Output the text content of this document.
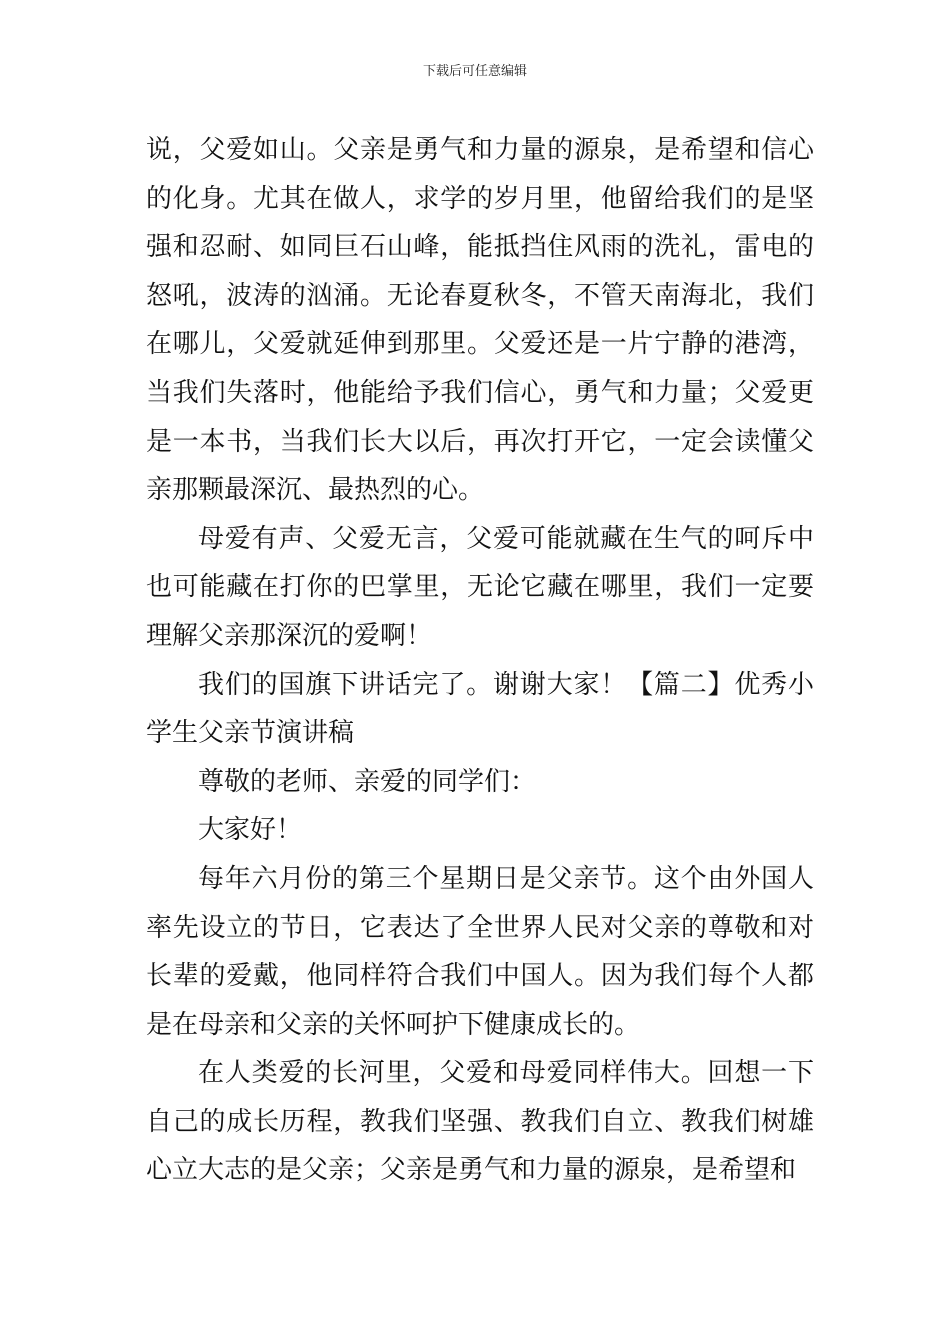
下载后可任意编辑

说，父爱如山。父亲是勇气和力量的源泉，是希望和信心的化身。尤其在做人，求学的岁月里，他留给我们的是坚强和忍耐、如同巨石山峰，能抵挡住风雨的洗礼，雷电的怒吼，波涛的汹涌。无论春夏秋冬，不管天南海北，我们在哪儿，父爱就延伸到那里。父爱还是一片宁静的港湾，当我们失落时，他能给予我们信心，勇气和力量；父爱更是一本书，当我们长大以后，再次打开它，一定会读懂父亲那颗最深沉、最热烈的心。

母爱有声、父爱无言，父爱可能就藏在生气的呵斥中也可能藏在打你的巴掌里，无论它藏在哪里，我们一定要理解父亲那深沉的爱啊！

我们的国旗下讲话完了。谢谢大家！【篇二】优秀小学生父亲节演讲稿

尊敬的老师、亲爱的同学们：

大家好！

每年六月份的第三个星期日是父亲节。这个由外国人率先设立的节日，它表达了全世界人民对父亲的尊敬和对长辈的爱戴，他同样符合我们中国人。因为我们每个人都是在母亲和父亲的关怀呵护下健康成长的。

在人类爱的长河里，父爱和母爱同样伟大。回想一下自己的成长历程，教我们坚强、教我们自立、教我们树雄心立大志的是父亲；父亲是勇气和力量的源泉，是希望和
